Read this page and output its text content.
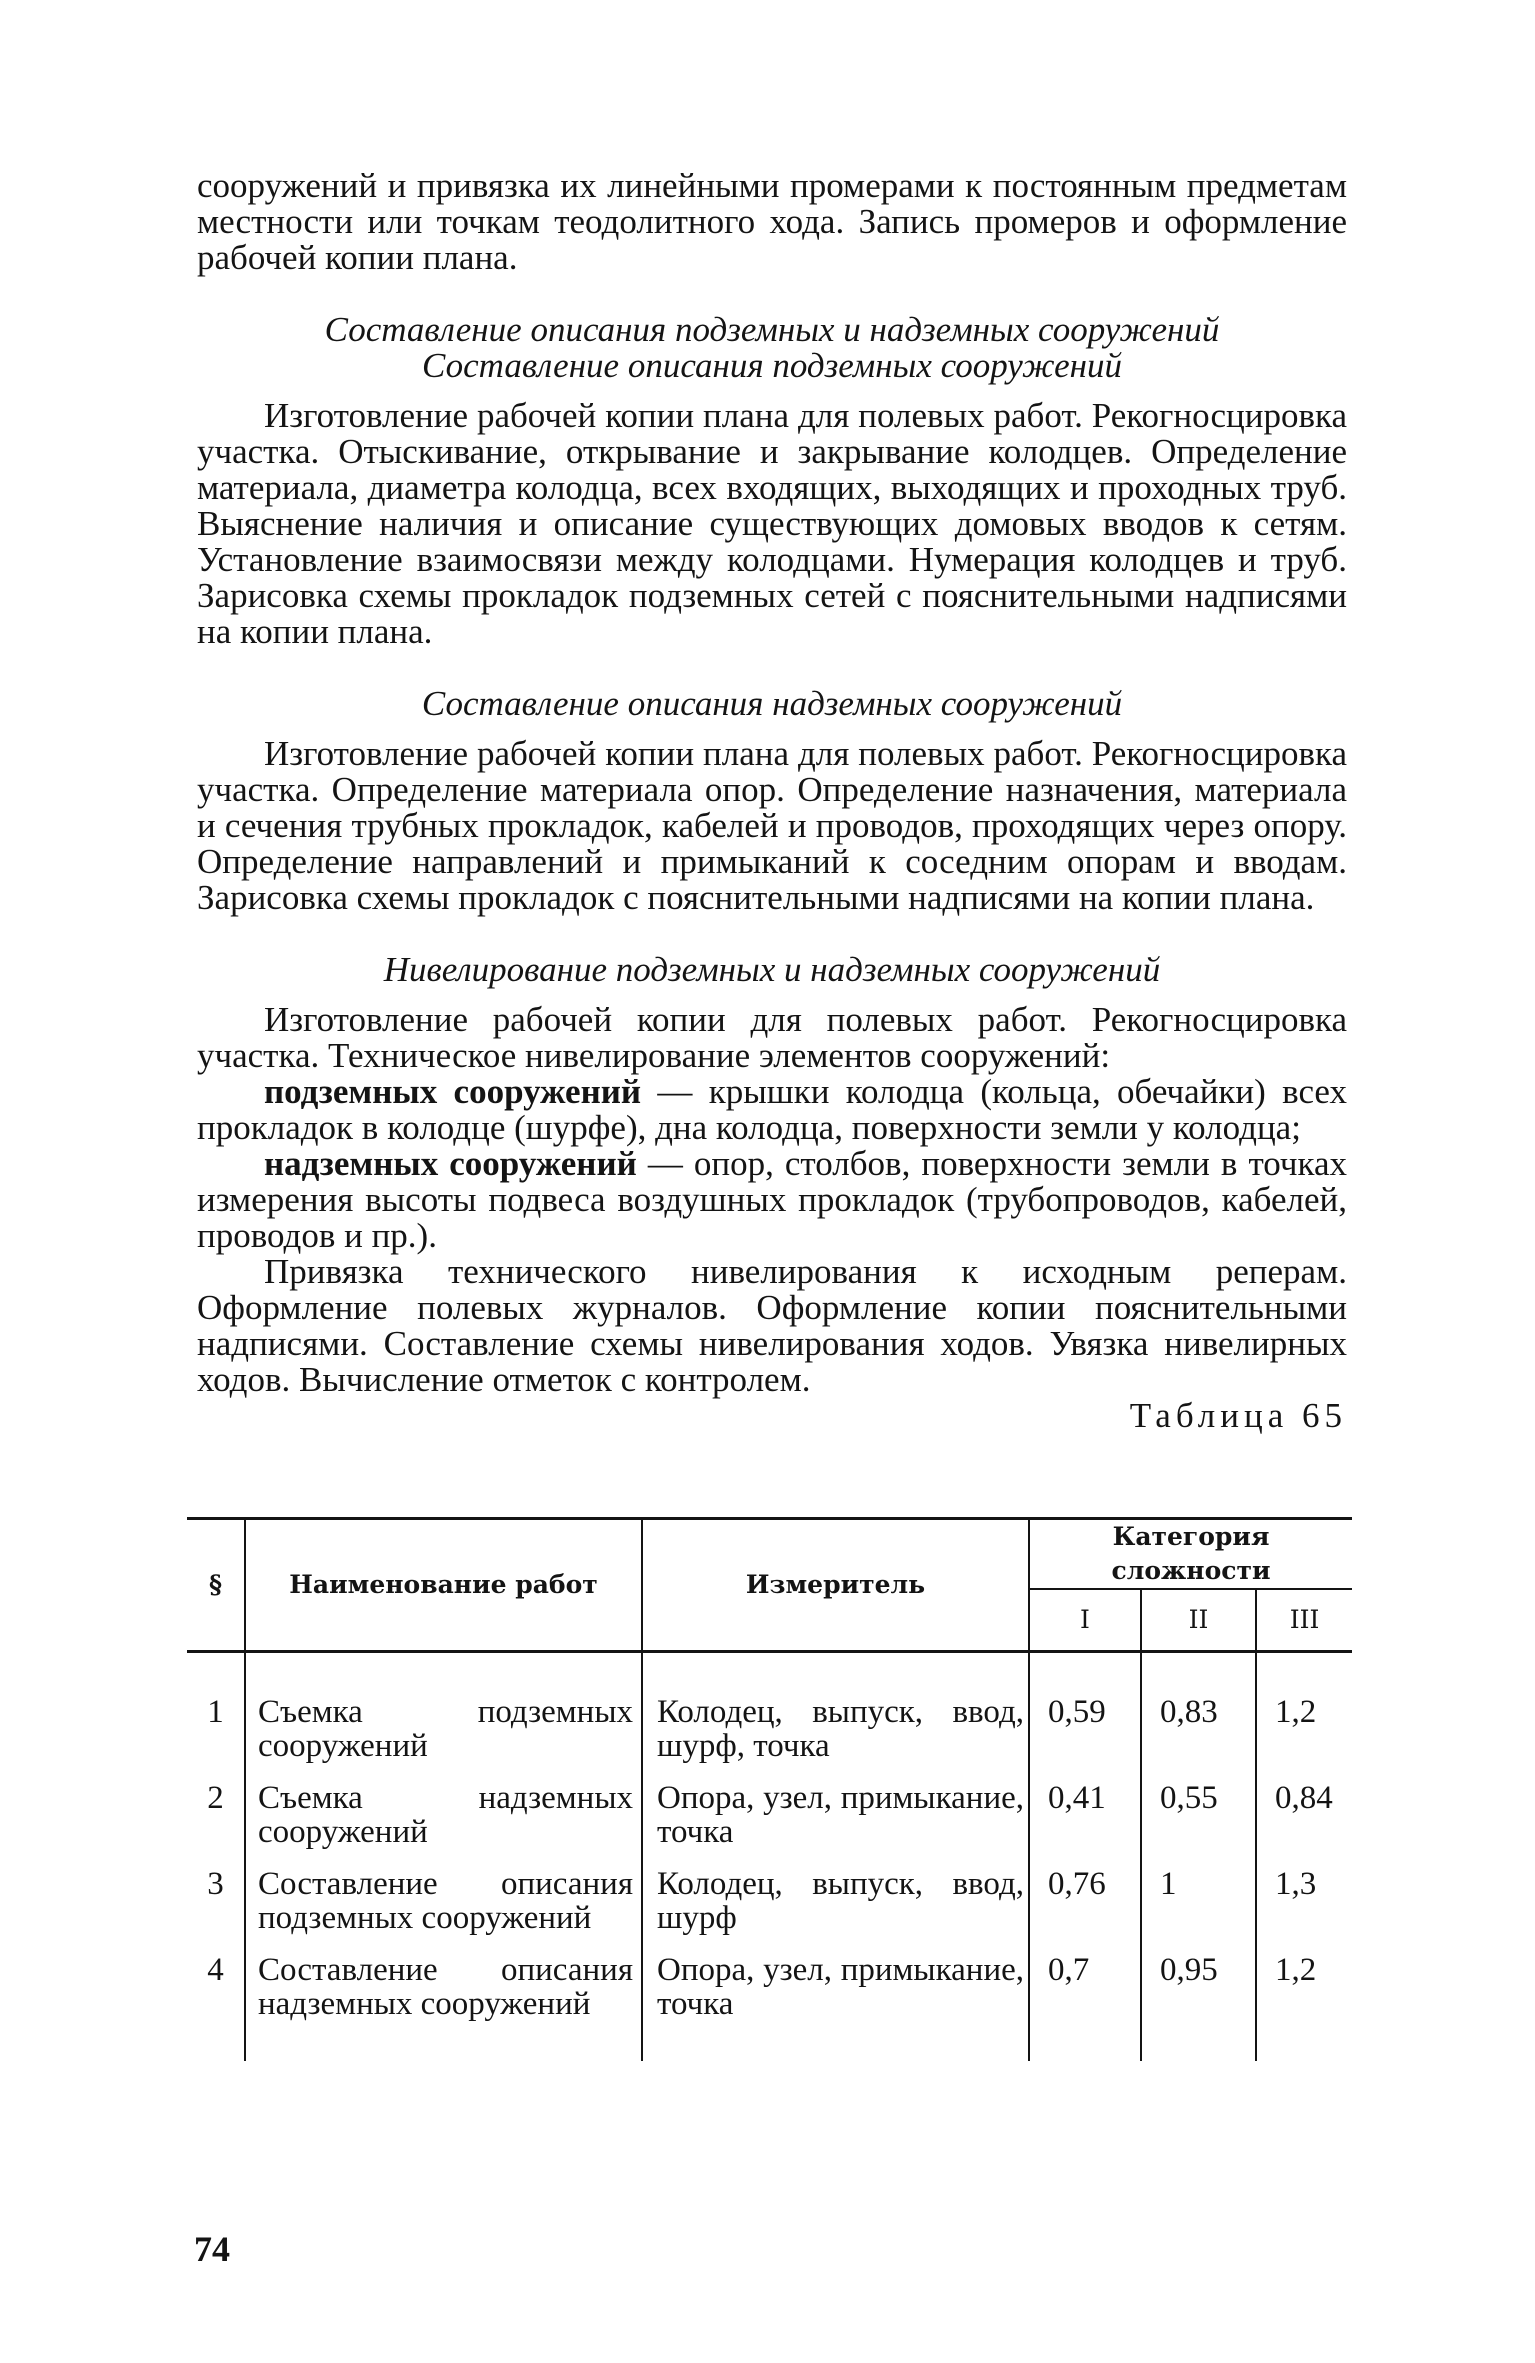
сооружений и привязка их линейными промерами к постоянным предметам местности или точкам теодолитного хода. Запись промеров и оформление рабочей копии плана.

Составление описания подземных и надземных сооружений
Составление описания подземных сооружений

Изготовление рабочей копии плана для полевых работ. Рекогносцировка участка. Отыскивание, открывание и закрывание колодцев. Определение материала, диаметра колодца, всех входящих, выходящих и проходных труб. Выяснение наличия и описание существующих домовых вводов к сетям. Установление взаимосвязи между колодцами. Нумерация колодцев и труб. Зарисовка схемы прокладок подземных сетей с пояснительными надписями на копии плана.

Составление описания надземных сооружений

Изготовление рабочей копии плана для полевых работ. Рекогносцировка участка. Определение материала опор. Определение назначения, материала и сечения трубных прокладок, кабелей и проводов, проходящих через опору. Определение направлений и примыканий к соседним опорам и вводам. Зарисовка схемы прокладок с пояснительными надписями на копии плана.

Нивелирование подземных и надземных сооружений

Изготовление рабочей копии для полевых работ. Рекогносцировка участка. Техническое нивелирование элементов сооружений:

подземных сооружений — крышки колодца (кольца, обечайки) всех прокладок в колодце (шурфе), дна колодца, поверхности земли у колодца;

надземных сооружений — опор, столбов, поверхности земли в точках измерения высоты подвеса воздушных прокладок (трубопроводов, кабелей, проводов и пр.).

Привязка технического нивелирования к исходным реперам. Оформление полевых журналов. Оформление копии пояснительными надписями. Составление схемы нивелирования ходов. Увязка нивелирных ходов. Вычисление отметок с контролем.

Таблица 65

§	Наименование работ	Измеритель	Категория сложности		
			I	II	III
1	Съемка подземных сооружений	Колодец, выпуск, ввод, шурф, точка	0,59	0,83	1,2
2	Съемка надземных сооружений	Опора, узел, примыкание, точка	0,41	0,55	0,84
3	Составление описания подземных сооружений	Колодец, выпуск, ввод, шурф	0,76	1	1,3
4	Составление описания надземных сооружений	Опора, узел, примыкание, точка	0,7	0,95	1,2
74
